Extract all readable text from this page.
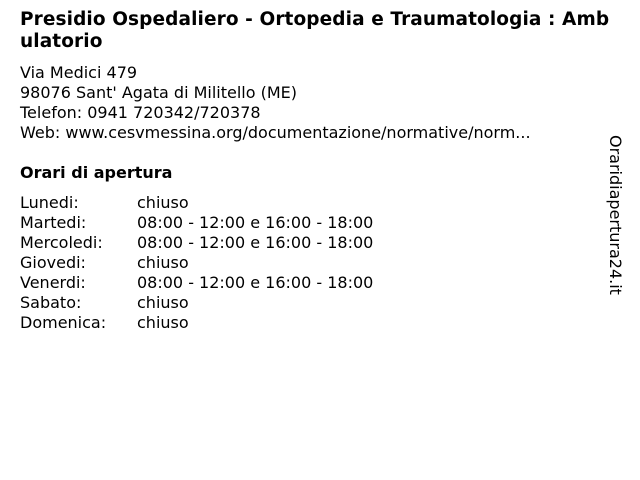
Presidio Ospedaliero - Ortopedia e Traumatologia : Ambulatorio
Via Medici 479
98076 Sant' Agata di Militello (ME)
Telefon: 0941 720342/720378
Web: www.cesvmessina.org/documentazione/normative/norm...
Orari di apertura
Lunedi:	chiuso
Martedi:	08:00 - 12:00 e 16:00 - 18:00
Mercoledi:	08:00 - 12:00 e 16:00 - 18:00
Giovedi:	chiuso
Venerdi:	08:00 - 12:00 e 16:00 - 18:00
Sabato:	chiuso
Domenica:	chiuso
Oraridiapertura24.it
